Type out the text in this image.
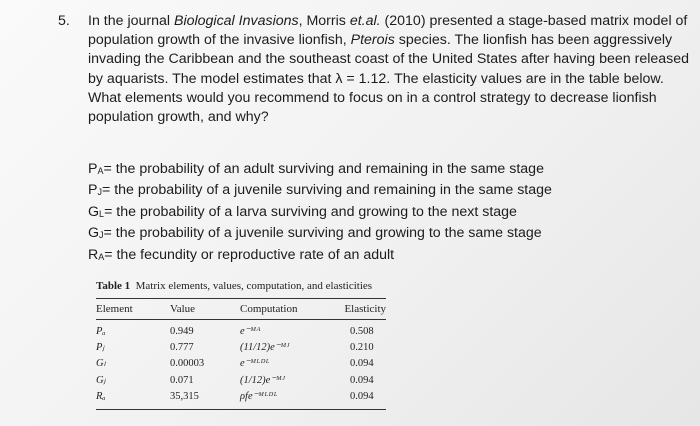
5. In the journal Biological Invasions, Morris et.al. (2010) presented a stage-based matrix model of
population growth of the invasive lionfish, Pterois species. The lionfish has been aggressively
invading the Caribbean and the southeast coast of the United States after having been released
by aquarists. The model estimates that λ = 1.12. The elasticity values are in the table below.
What elements would you recommend to focus on in a control strategy to decrease lionfish
population growth, and why?
$P_A=$ the probability of an adult surviving and remaining in the same stage
$P_J=$ the probability of a juvenile surviving and remaining in the same stage
$G_L=$ the probability of a larva surviving and growing to the next stage
$G_J=$ the probability of a juvenile surviving and growing to the same stage
$R_A=$ the fecundity or reproductive rate of an adult
Table 1 Matrix elements, values, computation, and elasticities
Element	Value	Computation	Elasticity
Pₐ	0.949	e⁻ᴹᴬ	0.508
Pⱼ	0.777	(11/12)e⁻ᴹᴶ	0.210
Gₗ	0.00003	e⁻ᴹᴸᴰᴸ	0.094
Gⱼ	0.071	(1/12)e⁻ᴹᴶ	0.094
Rₐ	35,315	ρfe⁻ᴹᴸᴰᴸ	0.094
